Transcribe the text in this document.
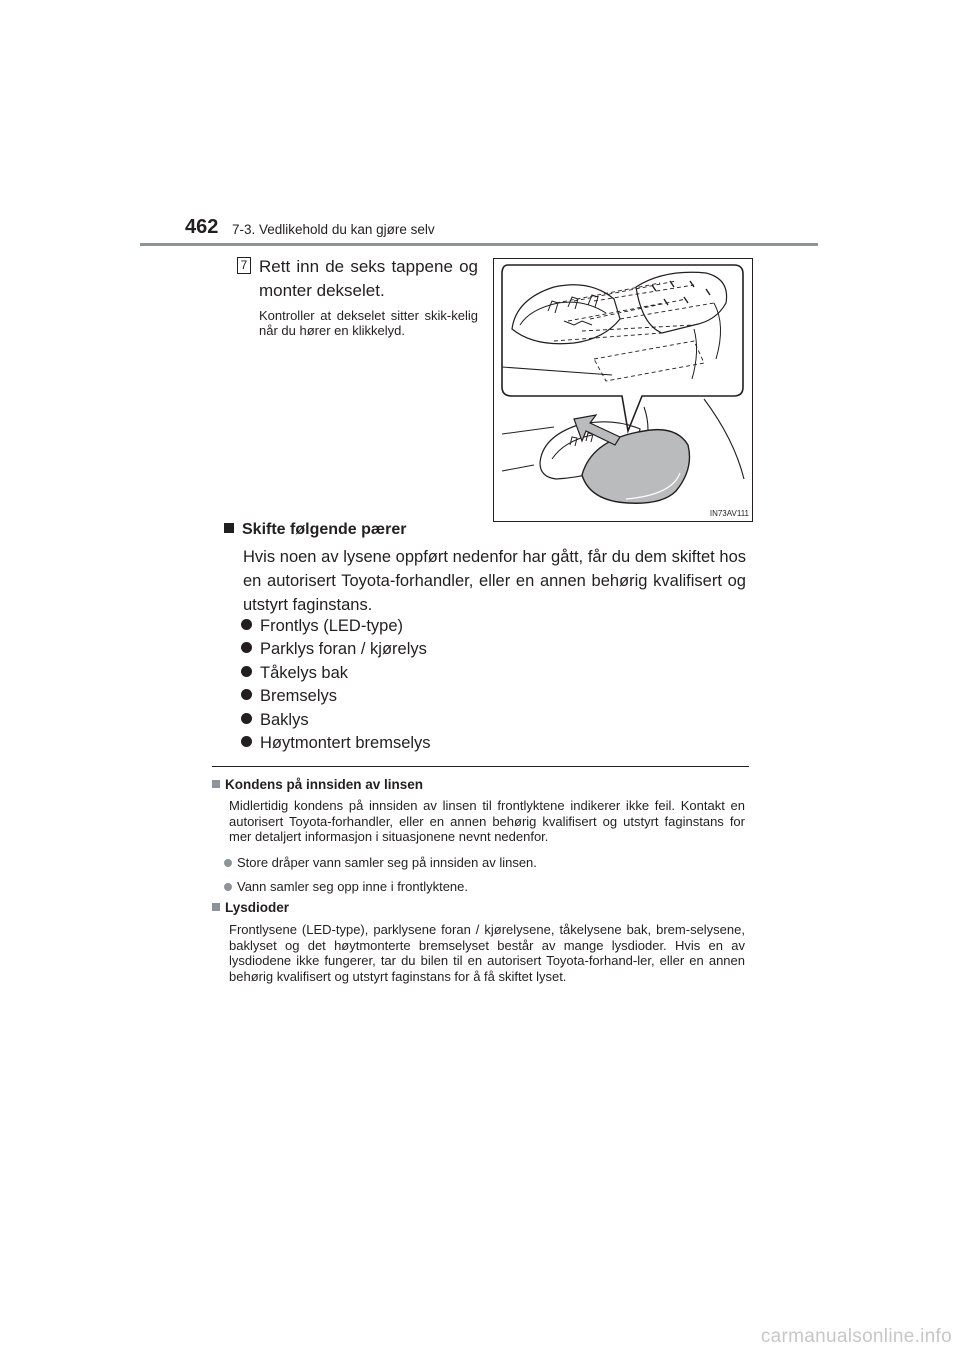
462 7-3. Vedlikehold du kan gjøre selv
7 Rett inn de seks tappene og monter dekselet.
Kontroller at dekselet sitter skik-kelig når du hører en klikkelyd.
IN73AV111
Skifte følgende pærer
Hvis noen av lysene oppført nedenfor har gått, får du dem skiftet hos en autorisert Toyota-forhandler, eller en annen behørig kvalifisert og utstyrt faginstans.
Frontlys (LED-type)
Parklys foran / kjørelys
Tåkelys bak
Bremselys
Baklys
Høytmontert bremselys
Kondens på innsiden av linsen
Midlertidig kondens på innsiden av linsen til frontlyktene indikerer ikke feil. Kontakt en autorisert Toyota-forhandler, eller en annen behørig kvalifisert og utstyrt faginstans for mer detaljert informasjon i situasjonene nevnt nedenfor.
Store dråper vann samler seg på innsiden av linsen.
Vann samler seg opp inne i frontlyktene.
Lysdioder
Frontlysene (LED-type), parklysene foran / kjørelysene, tåkelysene bak, brem-selysene, baklyset og det høytmonterte bremselyset består av mange lysdioder. Hvis en av lysdiodene ikke fungerer, tar du bilen til en autorisert Toyota-forhand-ler, eller en annen behørig kvalifisert og utstyrt faginstans for å få skiftet lyset.
carmanualsonline.info
